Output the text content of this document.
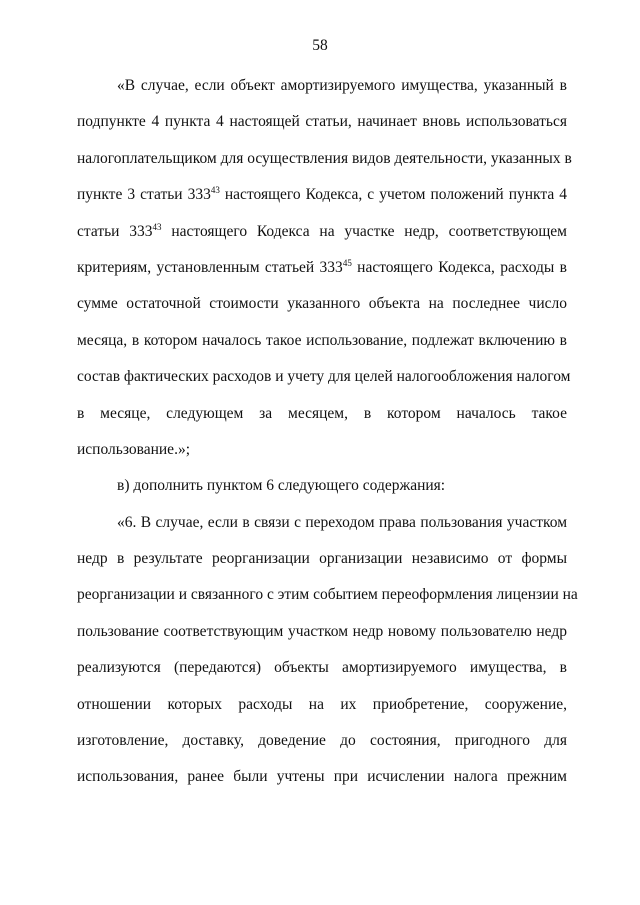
58
«В случае, если объект амортизируемого имущества, указанный в
подпункте 4 пункта 4 настоящей статьи, начинает вновь использоваться
налогоплательщиком для осуществления видов деятельности, указанных в
пункте 3 статьи $333^{43}$ настоящего Кодекса, с учетом положений пункта 4
статьи $333^{43}$ настоящего Кодекса на участке недр, соответствующем
критериям, установленным статьей $333^{45}$ настоящего Кодекса, расходы в
сумме остаточной стоимости указанного объекта на последнее число
месяца, в котором началось такое использование, подлежат включению в
состав фактических расходов и учету для целей налогообложения налогом
в месяце, следующем за месяцем, в котором началось такое
использование.»;
в) дополнить пунктом 6 следующего содержания:
«6. В случае, если в связи с переходом права пользования участком
недр в результате реорганизации организации независимо от формы
реорганизации и связанного с этим событием переоформления лицензии на
пользование соответствующим участком недр новому пользователю недр
реализуются (передаются) объекты амортизируемого имущества, в
отношении которых расходы на их приобретение, сооружение,
изготовление, доставку, доведение до состояния, пригодного для
использования, ранее были учтены при исчислении налога прежним
